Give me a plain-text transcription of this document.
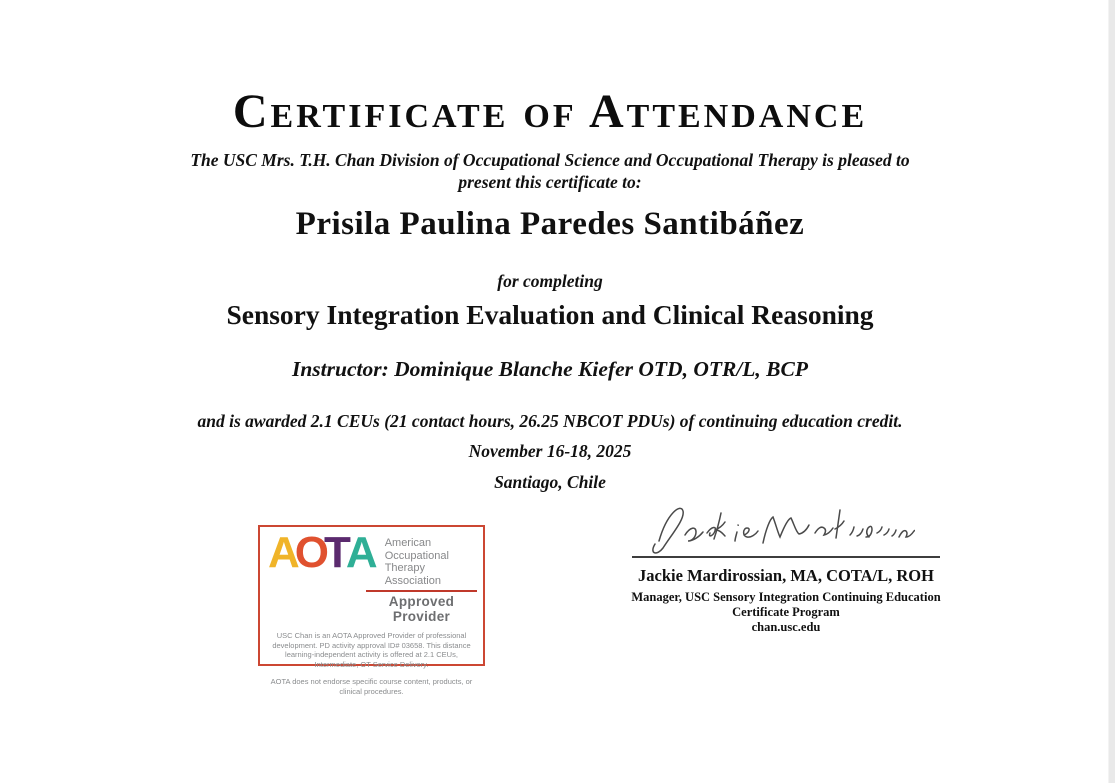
Certificate of Attendance
The USC Mrs. T.H. Chan Division of Occupational Science and Occupational Therapy is pleased to
present this certificate to:
Prisila Paulina Paredes Santibáñez
for completing
Sensory Integration Evaluation and Clinical Reasoning
Instructor: Dominique Blanche Kiefer OTD, OTR/L, BCP
and is awarded 2.1 CEUs (21 contact hours, 26.25 NBCOT PDUs) of continuing education credit.
November 16-18, 2025
Santiago, Chile
AOTA American
Occupational Therapy
Association
Approved Provider

USC Chan is an AOTA Approved Provider of professional development. PD activity approval ID# 03658. This distance learning-independent activity is offered at 2.1 CEUs, Intermediate, OT Service Delivery.

AOTA does not endorse specific course content, products, or clinical procedures.

Jackie Mardirossian, MA, COTA/L, ROH
Manager, USC Sensory Integration Continuing Education
Certificate Program
chan.usc.edu
